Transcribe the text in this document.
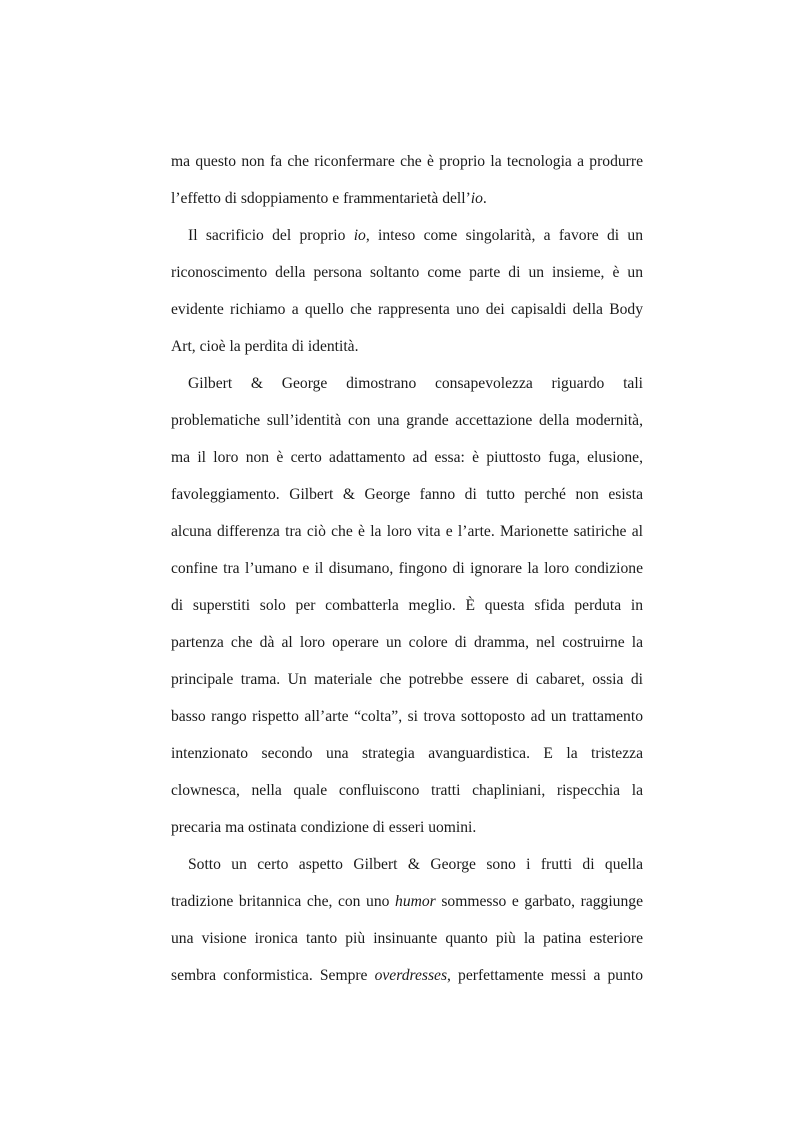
ma questo non fa che riconfermare che è proprio la tecnologia a produrre
l’effetto di sdoppiamento e frammentarietà dell’io.
Il sacrificio del proprio io, inteso come singolarità, a favore di un
riconoscimento della persona soltanto come parte di un insieme, è un
evidente richiamo a quello che rappresenta uno dei capisaldi della Body
Art, cioè la perdita di identità.
Gilbert & George dimostrano consapevolezza riguardo tali
problematiche sull’identità con una grande accettazione della modernità,
ma il loro non è certo adattamento ad essa: è piuttosto fuga, elusione,
favoleggiamento. Gilbert & George fanno di tutto perché non esista
alcuna differenza tra ciò che è la loro vita e l’arte. Marionette satiriche al
confine tra l’umano e il disumano, fingono di ignorare la loro condizione
di superstiti solo per combatterla meglio. È questa sfida perduta in
partenza che dà al loro operare un colore di dramma, nel costruirne la
principale trama. Un materiale che potrebbe essere di cabaret, ossia di
basso rango rispetto all’arte “colta”, si trova sottoposto ad un trattamento
intenzionato secondo una strategia avanguardistica. E la tristezza
clownesca, nella quale confluiscono tratti chapliniani, rispecchia la
precaria ma ostinata condizione di esseri uomini.
Sotto un certo aspetto Gilbert & George sono i frutti di quella
tradizione britannica che, con uno humor sommesso e garbato, raggiunge
una visione ironica tanto più insinuante quanto più la patina esteriore
sembra conformistica. Sempre overdresses, perfettamente messi a punto
